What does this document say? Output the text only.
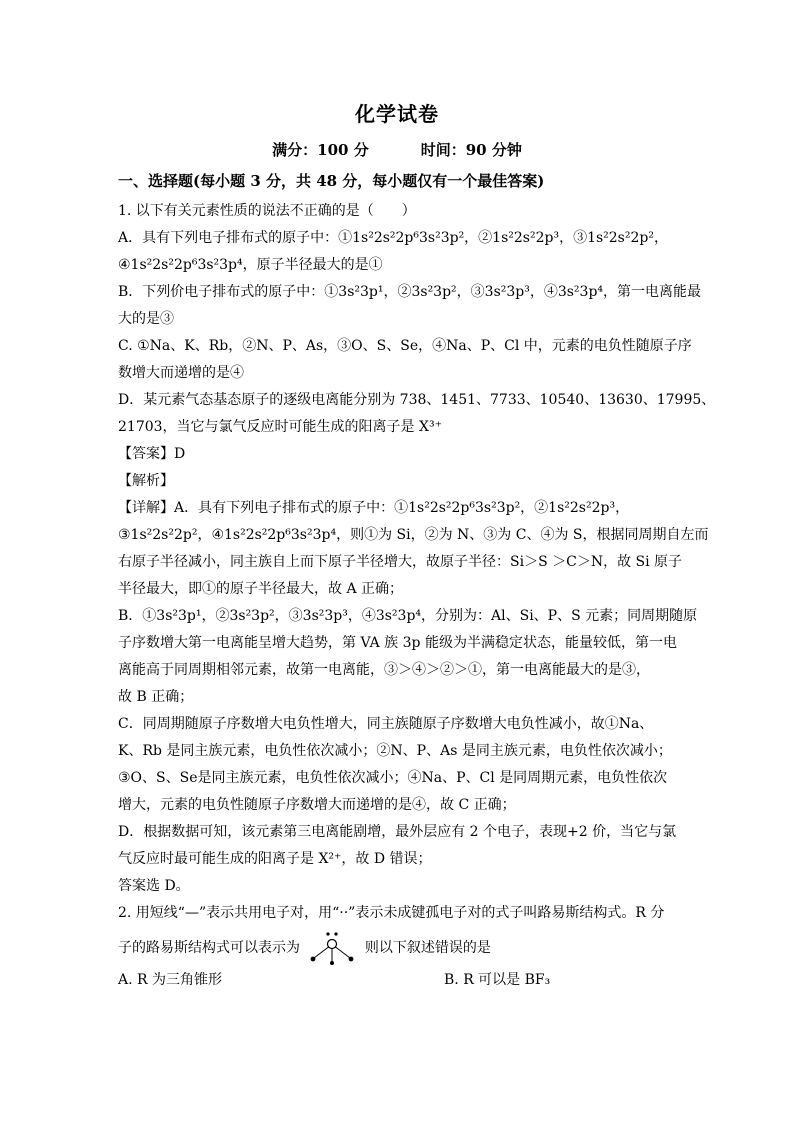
化学试卷
满分：100 分	时间：90 分钟
一、选择题(每小题 3 分，共 48 分，每小题仅有一个最佳答案)
1. 以下有关元素性质的说法不正确的是（　　）
A．具有下列电子排布式的原子中：①1s²2s²2p⁶3s²3p²，②1s²2s²2p³，③1s²2s²2p²，
④1s²2s²2p⁶3s²3p⁴，原子半径最大的是①
B．下列价电子排布式的原子中：①3s²3p¹，②3s²3p²，③3s²3p³，④3s²3p⁴，第一电离能最
大的是③
C. ①Na、K、Rb，②N、P、As，③O、S、Se，④Na、P、Cl 中，元素的电负性随原子序
数增大而递增的是④
D．某元素气态基态原子的逐级电离能分别为 738、1451、7733、10540、13630、17995、
21703，当它与氯气反应时可能生成的阳离子是 X³⁺
【答案】D
【解析】
【详解】A．具有下列电子排布式的原子中：①1s²2s²2p⁶3s²3p²，②1s²2s²2p³，
③1s²2s²2p²，④1s²2s²2p⁶3s²3p⁴，则①为 Si，②为 N、③为 C、④为 S，根据同周期自左而
右原子半径减小，同主族自上而下原子半径增大，故原子半径：Si＞S ＞C＞N，故 Si 原子
半径最大，即①的原子半径最大，故 A 正确；
B．①3s²3p¹，②3s²3p²，③3s²3p³，④3s²3p⁴，分别为：Al、Si、P、S 元素；同周期随原
子序数增大第一电离能呈增大趋势，第 VA 族 3p 能级为半满稳定状态，能量较低，第一电
离能高于同周期相邻元素，故第一电离能，③＞④＞②＞①，第一电离能最大的是③，
故 B 正确；
C．同周期随原子序数增大电负性增大，同主族随原子序数增大电负性减小，故①Na、
K、Rb 是同主族元素，电负性依次减小；②N、P、As 是同主族元素，电负性依次减小；
③O、S、Se是同主族元素，电负性依次减小；④Na、P、Cl 是同周期元素，电负性依次
增大，元素的电负性随原子序数增大而递增的是④，故 C 正确；
D．根据数据可知，该元素第三电离能剧增，最外层应有 2 个电子，表现+2 价，当它与氯
气反应时最可能生成的阳离子是 X²⁺，故 D 错误；
答案选 D。
2. 用短线“—”表示共用电子对，用“··”表示未成键孤电子对的式子叫路易斯结构式。R 分
子的路易斯结构式可以表示为	则以下叙述错误的是
A. R 为三角锥形	B. R 可以是 BF₃
